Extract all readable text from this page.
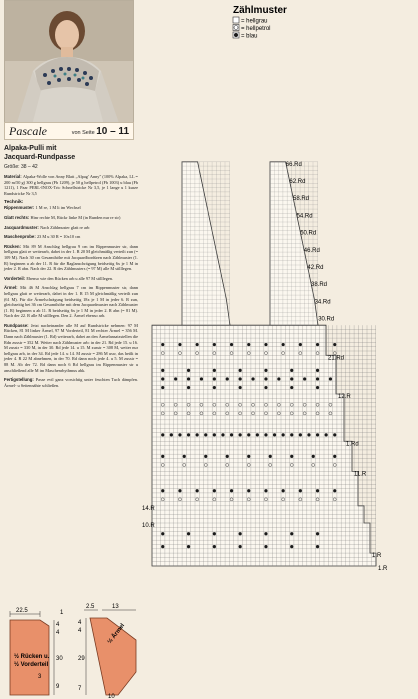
Pascale	von Seite 10 – 11

Alpaka-Pulli mit
Jacquard-Rundpasse

Größe: 38 – 42

Material: Alpaka-Wolle von Anny Blatt „Alpag’ Anny” (100% Alpaka, LL = 200 m/50 g) 300 g hellgrau (Fb 1209), je 50 g hellpetrol (Fb 1003) u blau (Fb 1211), 1 Paar PERL-INOX-Tric Schnellstricke Nr 3,5, je 1 lange u 1 kurze Rundstricke Nr 3,5

Technik:

Rippenmuster: 1 M re, 1 M li im Wechsel

Glatt rechts: Hinr rechte M, Rückr linke M (in Runden nur re str)

Jacquardmuster: Nach Zählmuster glatt re arb

Maschenprobe: 23 M u 30 R = 10x10 cm

Rücken: Mit 89 M Anschlag hellgrau 9 cm im Rippenmuster str, dann hellgrau glatt re weiterarb, dabei in der 1. R 20 M gleichmäßig verteilt zun (= 109 M). Nach 30 cm Gesamthöhe mit Jacquardbordüren nach Zählmuster (1. R) beginnen u ab der 11. R für die Raglanschrägung beidseitig 6x je 1 M in jeder 2. R abn. Nach der 22. R des Zählmusters (= 97 M) alle M stilllegen.

Vorderteil: Ebenso wie den Rücken arb u alle 97 M stilllegen.

Ärmel: Mit 46 M Anschlag hellgrau 7 cm im Rippenmuster str, dann hellgrau glatt re weiterarb, dabei in der 1. R 15 M gleichmäßig verteilt zun (61 M). Für die Ärmelschrägung beidseitig 18x je 1 M in jeder 6. R zun, gleichzeitig bei 36 cm Gesamthöhe mit dem Jacquardmuster nach Zählmuster (1. R) beginnen u ab 11. R beidseitig 6x je 1 M in jeder 2. R abn (= 81 M). Nach der 22. R alle M stilllegen. Den 2. Ärmel ebenso arb.

Rundpasse: Jetzt nacheinander alle M auf Rundstricke nehmen: 97 M Rücken, 81 M linker Ärmel, 97 M Vorderteil, 81 M rechter Ärmel = 356 M. Dann nach Zählmuster (1. Rd) weiterarb, dabei an den Ärmelansatzstellen die Rdn zusstr = 352 M. Weiter nach Zählmuster arb: in der 21. Rd jede 15. u 16. M zusstr = 330 M, in der 30. Rd jede 14. u 15. M zusstr = 308 M, weiter nur hellgrau arb, in der 34. Rd jede 14. u 14. M zusstr = 286 M usw, das heißt in jeder 4. R 22 M abnehmen, in der 70. Rd dann noch jede 4. u 5. M zusstr = 88 M. Ab der 72. Rd dann noch 6 Rd hellgrau im Rippenmuster str u anschließend alle M im Maschenrhythmus abk.

Fertigstellung: Passe evtl ganz vorsichtig unter feuchten Tuch dämpfen. Ärmel- u Seitennähte schließen.

66.Rd
62.Rd
58.Rd
54.Rd
50.Rd
46.Rd
42.Rd
38.Rd
34.Rd
30.Rd
21.Rd
12.R
1.Rd
11.R
14.R
10.R
1.R
1.R
Zählmuster
= hellgrau
= hellpetrol
= blau
22.5
4
4
30
9
3
1
½ Rücken u.
½ Vorderteil
2.5	13
4
29
4
7
10
½ Ärmel
